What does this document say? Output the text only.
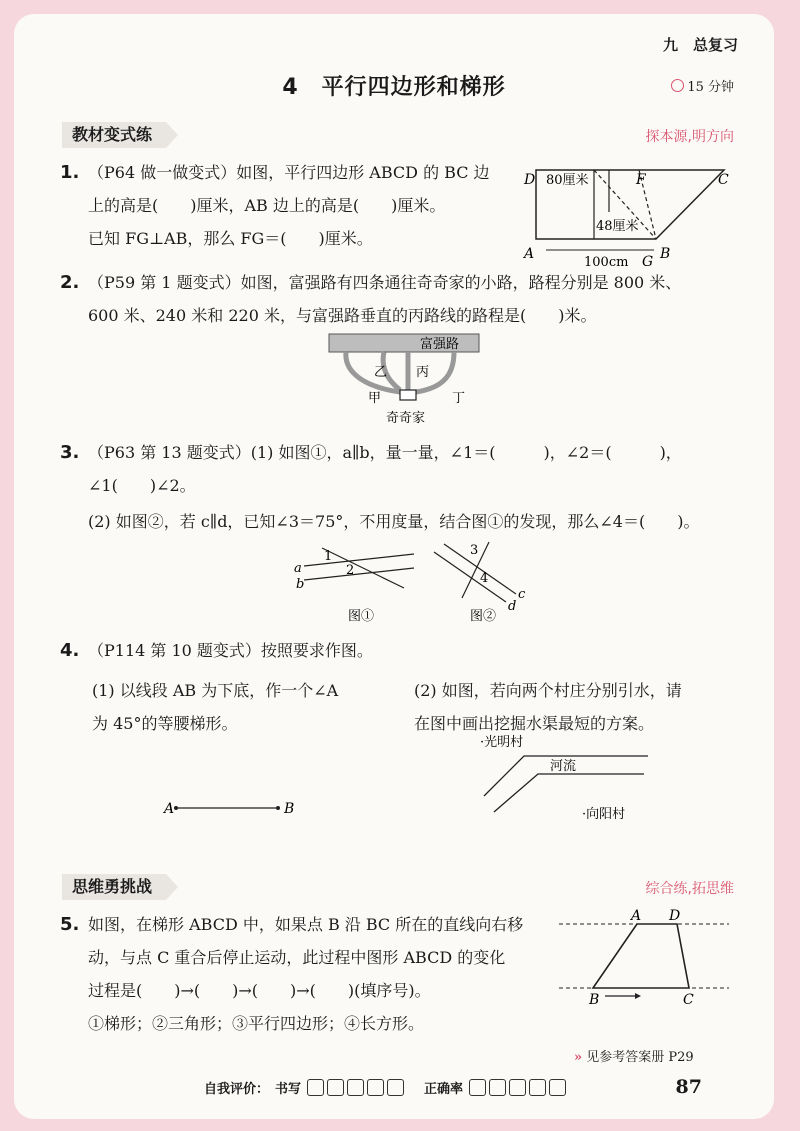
九　 总复习
4　平行四边形和梯形	15 分钟
教材变式练	探本源,明方向
1. （P64 做一做变式）如图，平行四边形 ABCD 的 BC 边
上的高是(　　)厘米，AB 边上的高是(　　)厘米。
已知 FG⊥AB，那么 FG＝(　　)厘米。
D 80厘米	F	C
48厘米
A
100cm G B
2. （P59 第 1 题变式）如图，富强路有四条通往奇奇家的小路，路程分别是 800 米、
600 米、240 米和 220 米，与富强路垂直的丙路线的路程是(　　)米。
富强路
乙 丙
甲	丁
奇奇家
3. （P63 第 13 题变式）(1) 如图①，a∥b，量一量，∠1＝(　　　)，∠2＝(　　　)，
∠1(　　)∠2。
(2) 如图②，若 c∥d，已知∠3＝75°，不用度量，结合图①的发现，那么∠4＝(　　)。
1
2
a
b
图①
3
4
c
d
图②
4. （P114 第 10 题变式）按照要求作图。
(1) 以线段 AB 为下底，作一个∠A
为 45°的等腰梯形。
(2) 如图，若向两个村庄分别引水，请
在图中画出挖掘水渠最短的方案。
A	B
·光明村
河流
·向阳村
思维勇挑战	综合练,拓思维
5. 如图，在梯形 ABCD 中，如果点 B 沿 BC 所在的直线向右移
动，与点 C 重合后停止运动，此过程中图形 ABCD 的变化
过程是(　　)→(　　)→(　　)→(　　)(填序号)。
①梯形；②三角形；③平行四边形；④长方形。
A D
B	C
» 见参考答案册 P29
自我评价： 书写	正确率	87
